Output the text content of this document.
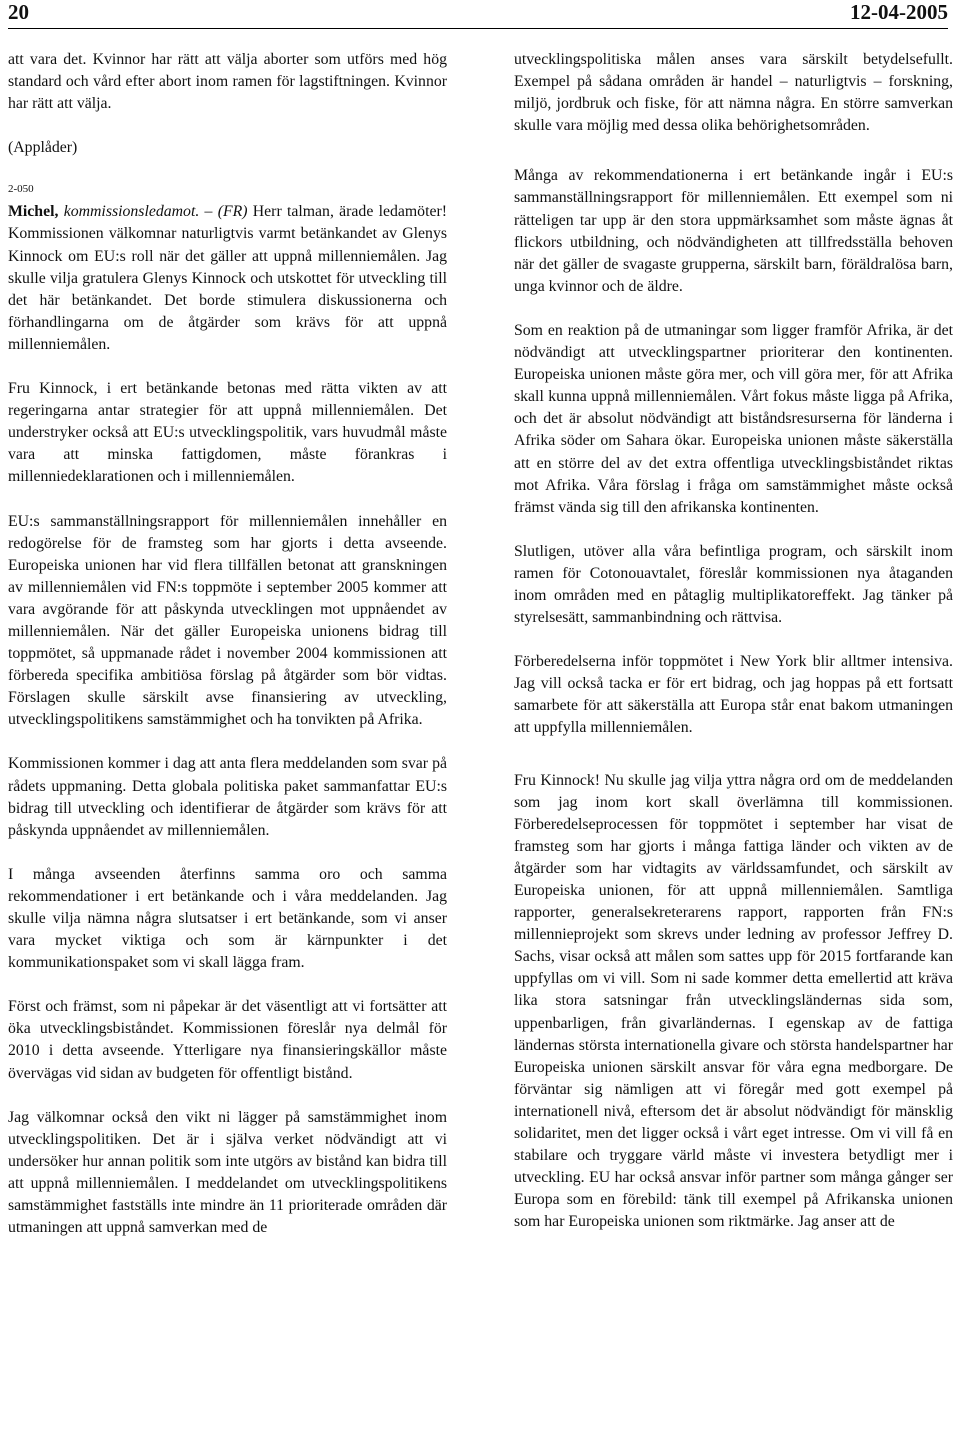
20	12-04-2005

att vara det. Kvinnor har rätt att välja aborter som utförs med hög standard och vård efter abort inom ramen för lagstiftningen. Kvinnor har rätt att välja.

(Applåder)

2-050

Michel, kommissionsledamot. – (FR) Herr talman, ärade ledamöter! Kommissionen välkomnar naturligtvis varmt betänkandet av Glenys Kinnock om EU:s roll när det gäller att uppnå millenniemålen. Jag skulle vilja gratulera Glenys Kinnock och utskottet för utveckling till det här betänkandet. Det borde stimulera diskussionerna och förhandlingarna om de åtgärder som krävs för att uppnå millenniemålen.

Fru Kinnock, i ert betänkande betonas med rätta vikten av att regeringarna antar strategier för att uppnå millenniemålen. Det understryker också att EU:s utvecklingspolitik, vars huvudmål måste vara att minska fattigdomen, måste förankras i millenniedeklarationen och i millenniemålen.

EU:s sammanställningsrapport för millenniemålen innehåller en redogörelse för de framsteg som har gjorts i detta avseende. Europeiska unionen har vid flera tillfällen betonat att granskningen av millenniemålen vid FN:s toppmöte i september 2005 kommer att vara avgörande för att påskynda utvecklingen mot uppnåendet av millenniemålen. När det gäller Europeiska unionens bidrag till toppmötet, så uppmanade rådet i november 2004 kommissionen att förbereda specifika ambitiösa förslag på åtgärder som bör vidtas. Förslagen skulle särskilt avse finansiering av utveckling, utvecklingspolitikens samstämmighet och ha tonvikten på Afrika.

Kommissionen kommer i dag att anta flera meddelanden som svar på rådets uppmaning. Detta globala politiska paket sammanfattar EU:s bidrag till utveckling och identifierar de åtgärder som krävs för att påskynda uppnåendet av millenniemålen.

I många avseenden återfinns samma oro och samma rekommendationer i ert betänkande och i våra meddelanden. Jag skulle vilja nämna några slutsatser i ert betänkande, som vi anser vara mycket viktiga och som är kärnpunkter i det kommunikationspaket som vi skall lägga fram.

Först och främst, som ni påpekar är det väsentligt att vi fortsätter att öka utvecklingsbiståndet. Kommissionen föreslår nya delmål för 2010 i detta avseende. Ytterligare nya finansieringskällor måste övervägas vid sidan av budgeten för offentligt bistånd.

Jag välkomnar också den vikt ni lägger på samstämmighet inom utvecklingspolitiken. Det är i själva verket nödvändigt att vi undersöker hur annan politik som inte utgörs av bistånd kan bidra till att uppnå millenniemålen. I meddelandet om utvecklingspolitikens samstämmighet fastställs inte mindre än 11 prioriterade områden där utmaningen att uppnå samverkan med de

utvecklingspolitiska målen anses vara särskilt betydelsefullt. Exempel på sådana områden är handel – naturligtvis – forskning, miljö, jordbruk och fiske, för att nämna några. En större samverkan skulle vara möjlig med dessa olika behörighetsområden.

Många av rekommendationerna i ert betänkande ingår i EU:s sammanställningsrapport för millenniemålen. Ett exempel som ni rätteligen tar upp är den stora uppmärksamhet som måste ägnas åt flickors utbildning, och nödvändigheten att tillfredsställa behoven när det gäller de svagaste grupperna, särskilt barn, föräldralösa barn, unga kvinnor och de äldre.

Som en reaktion på de utmaningar som ligger framför Afrika, är det nödvändigt att utvecklingspartner prioriterar den kontinenten. Europeiska unionen måste göra mer, och vill göra mer, för att Afrika skall kunna uppnå millenniemålen. Vårt fokus måste ligga på Afrika, och det är absolut nödvändigt att biståndsresurserna för länderna i Afrika söder om Sahara ökar. Europeiska unionen måste säkerställa att en större del av det extra offentliga utvecklingsbiståndet riktas mot Afrika. Våra förslag i fråga om samstämmighet måste också främst vända sig till den afrikanska kontinenten.

Slutligen, utöver alla våra befintliga program, och särskilt inom ramen för Cotonouavtalet, föreslår kommissionen nya åtaganden inom områden med en påtaglig multiplikatoreffekt. Jag tänker på styrelsesätt, sammanbindning och rättvisa.

Förberedelserna inför toppmötet i New York blir alltmer intensiva. Jag vill också tacka er för ert bidrag, och jag hoppas på ett fortsatt samarbete för att säkerställa att Europa står enat bakom utmaningen att uppfylla millenniemålen.

Fru Kinnock! Nu skulle jag vilja yttra några ord om de meddelanden som jag inom kort skall överlämna till kommissionen. Förberedelseprocessen för toppmötet i september har visat de framsteg som har gjorts i många fattiga länder och vikten av de åtgärder som har vidtagits av världssamfundet, och särskilt av Europeiska unionen, för att uppnå millenniemålen. Samtliga rapporter, generalsekreterarens rapport, rapporten från FN:s millennieprojekt som skrevs under ledning av professor Jeffrey D. Sachs, visar också att målen som sattes upp för 2015 fortfarande kan uppfyllas om vi vill. Som ni sade kommer detta emellertid att kräva lika stora satsningar från utvecklingsländernas sida som, uppenbarligen, från givarländernas. I egenskap av de fattiga ländernas största internationella givare och största handelspartner har Europeiska unionen särskilt ansvar för våra egna medborgare. De förväntar sig nämligen att vi föregår med gott exempel på internationell nivå, eftersom det är absolut nödvändigt för mänsklig solidaritet, men det ligger också i vårt eget intresse. Om vi vill få en stabilare och tryggare värld måste vi investera betydligt mer i utveckling. EU har också ansvar inför partner som många gånger ser Europa som en förebild: tänk till exempel på Afrikanska unionen som har Europeiska unionen som riktmärke. Jag anser att de
